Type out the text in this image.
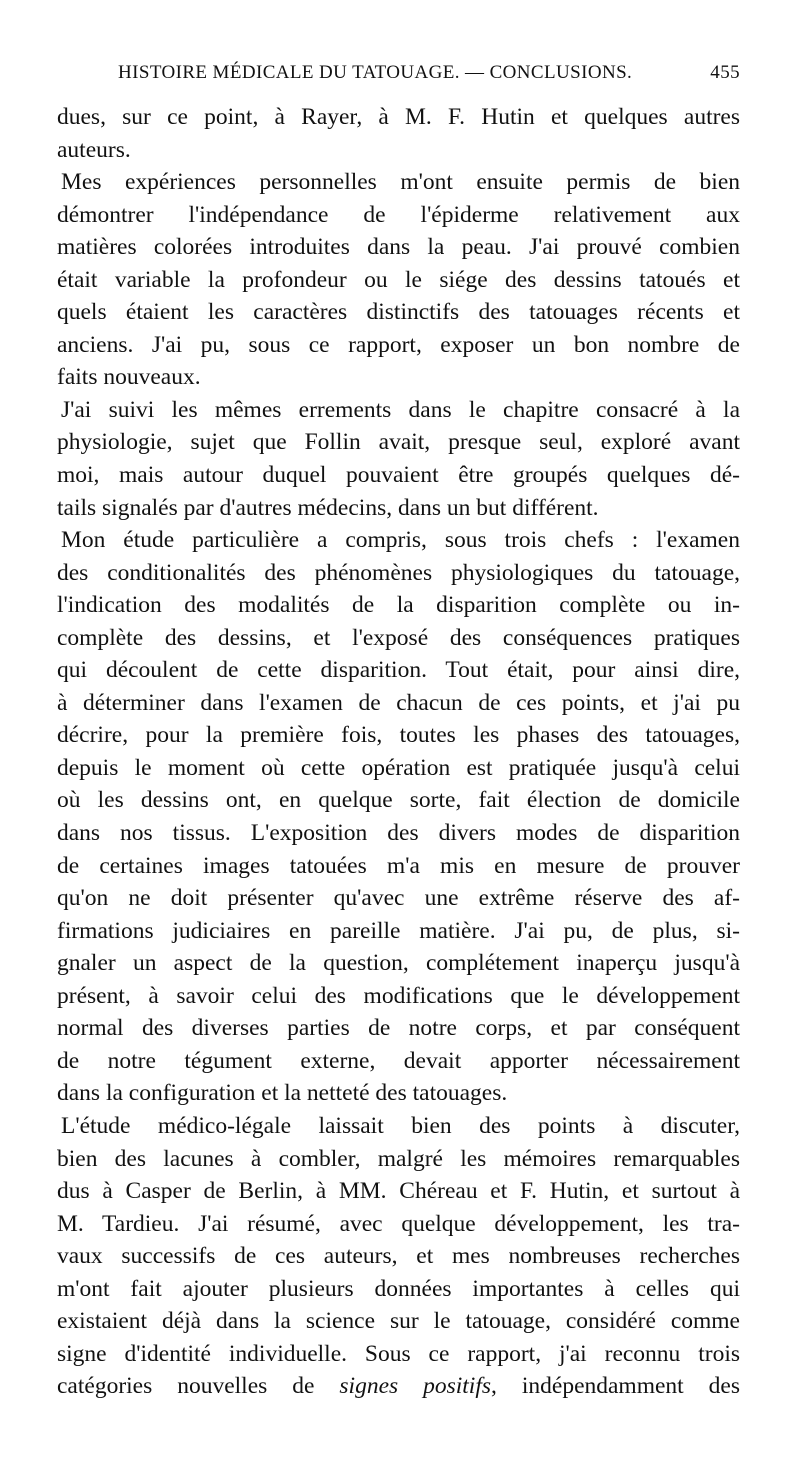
HISTOIRE MÉDICALE DU TATOUAGE. — CONCLUSIONS.	455
dues, sur ce point, à Rayer, à M. F. Hutin et quelques autres
auteurs.
Mes expériences personnelles m'ont ensuite permis de bien
démontrer l'indépendance de l'épiderme relativement aux
matières colorées introduites dans la peau. J'ai prouvé combien
était variable la profondeur ou le siége des dessins tatoués et
quels étaient les caractères distinctifs des tatouages récents et
anciens. J'ai pu, sous ce rapport, exposer un bon nombre de
faits nouveaux.
J'ai suivi les mêmes errements dans le chapitre consacré à la
physiologie, sujet que Follin avait, presque seul, exploré avant
moi, mais autour duquel pouvaient être groupés quelques dé-
tails signalés par d'autres médecins, dans un but différent.
Mon étude particulière a compris, sous trois chefs : l'examen
des conditionalités des phénomènes physiologiques du tatouage,
l'indication des modalités de la disparition complète ou in-
complète des dessins, et l'exposé des conséquences pratiques
qui découlent de cette disparition. Tout était, pour ainsi dire,
à déterminer dans l'examen de chacun de ces points, et j'ai pu
décrire, pour la première fois, toutes les phases des tatouages,
depuis le moment où cette opération est pratiquée jusqu'à celui
où les dessins ont, en quelque sorte, fait élection de domicile
dans nos tissus. L'exposition des divers modes de disparition
de certaines images tatouées m'a mis en mesure de prouver
qu'on ne doit présenter qu'avec une extrême réserve des af-
firmations judiciaires en pareille matière. J'ai pu, de plus, si-
gnaler un aspect de la question, complétement inaperçu jusqu'à
présent, à savoir celui des modifications que le développement
normal des diverses parties de notre corps, et par conséquent
de notre tégument externe, devait apporter nécessairement
dans la configuration et la netteté des tatouages.
L'étude médico-légale laissait bien des points à discuter,
bien des lacunes à combler, malgré les mémoires remarquables
dus à Casper de Berlin, à MM. Chéreau et F. Hutin, et surtout à
M. Tardieu. J'ai résumé, avec quelque développement, les tra-
vaux successifs de ces auteurs, et mes nombreuses recherches
m'ont fait ajouter plusieurs données importantes à celles qui
existaient déjà dans la science sur le tatouage, considéré comme
signe d'identité individuelle. Sous ce rapport, j'ai reconnu trois
catégories nouvelles de signes positifs, indépendamment des
